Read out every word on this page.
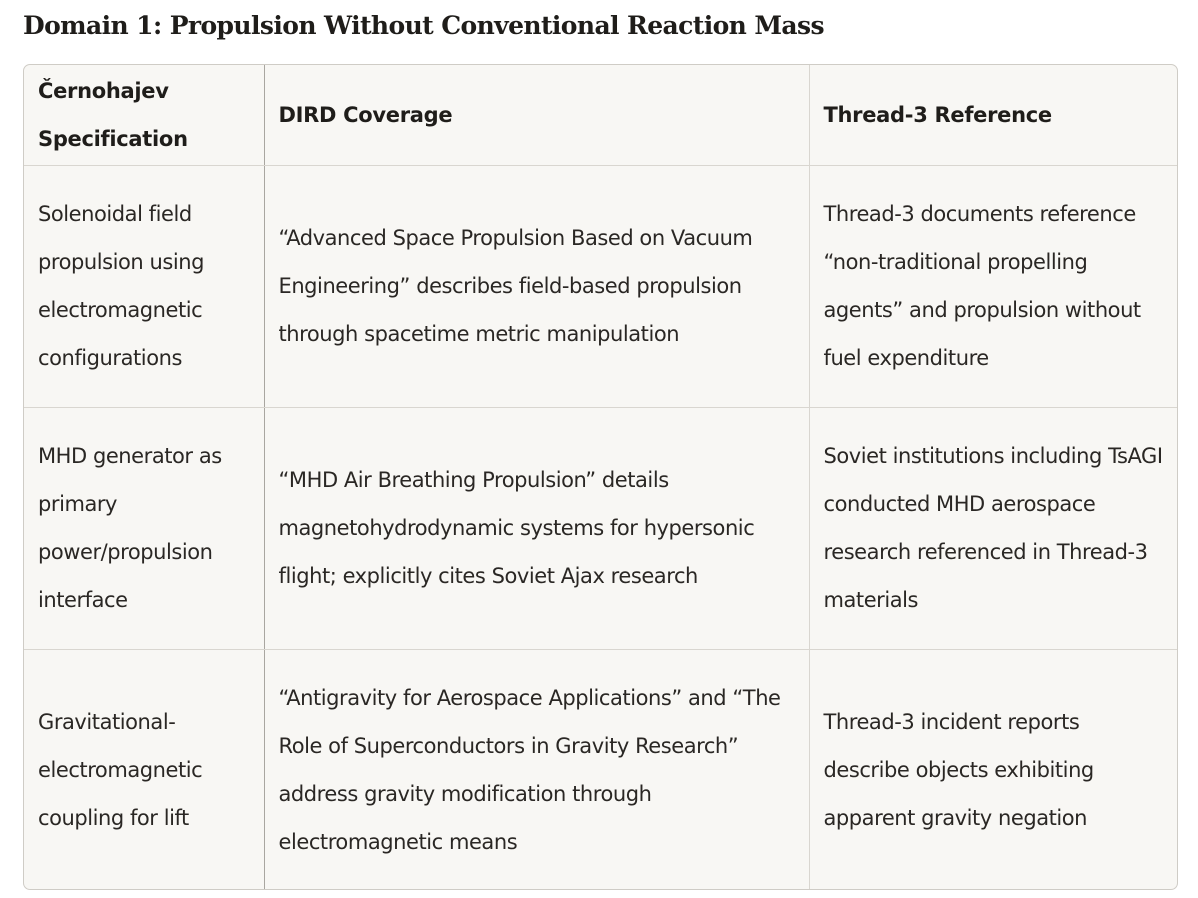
Domain 1: Propulsion Without Conventional Reaction Mass
Černohajev Specification	DIRD Coverage	Thread-3 Reference
Solenoidal field propulsion using electromagnetic configurations	“Advanced Space Propulsion Based on Vacuum Engineering” describes field-based propulsion through spacetime metric manipulation	Thread-3 documents reference “non-traditional propelling agents” and propulsion without fuel expenditure
MHD generator as primary power/propulsion interface	“MHD Air Breathing Propulsion” details magnetohydrodynamic systems for hypersonic flight; explicitly cites Soviet Ajax research	Soviet institutions including TsAGI conducted MHD aerospace research referenced in Thread-3 materials
Gravitational-electromagnetic coupling for lift	“Antigravity for Aerospace Applications” and “The Role of Superconductors in Gravity Research” address gravity modification through electromagnetic means	Thread-3 incident reports describe objects exhibiting apparent gravity negation
